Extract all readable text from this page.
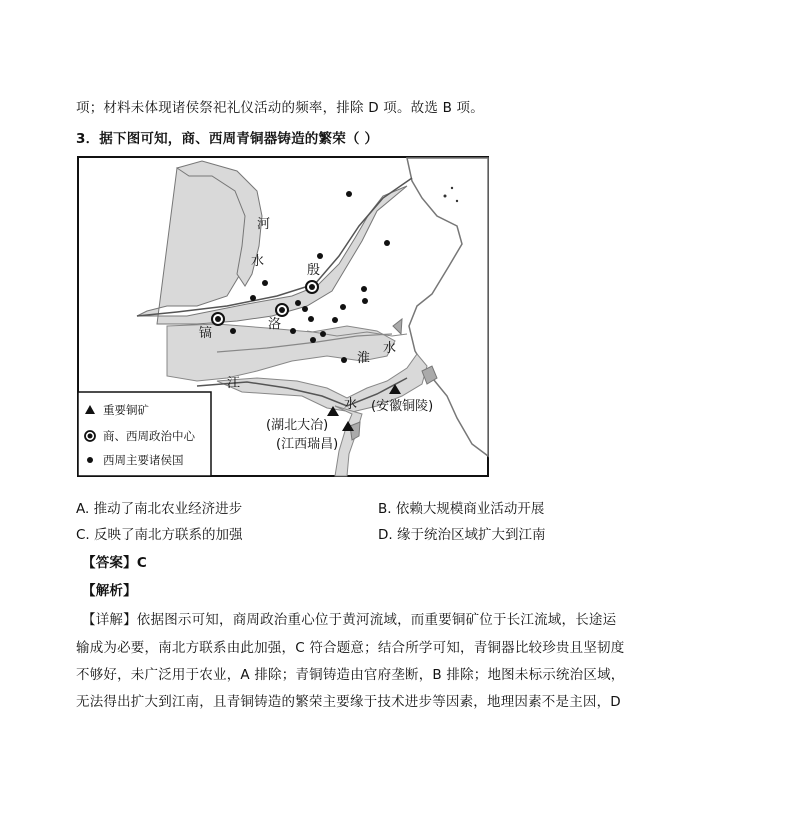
项；材料未体现诸侯祭祀礼仪活动的频率，排除 D 项。故选 B 项。
3．据下图可知，商、西周青铜器铸造的繁荣（ ）
河
水
殷
镐
洛
淮
水
江
水 (安徽铜陵)
(湖北大冶)
(江西瑞昌)
重要铜矿
商、西周政治中心
西周主要诸侯国
A. 推动了南北农业经济进步	B. 依赖大规模商业活动开展
C. 反映了南北方联系的加强	D. 缘于统治区域扩大到江南
【答案】C
【解析】
【详解】依据图示可知，商周政治重心位于黄河流域，而重要铜矿位于长江流域，长途运
输成为必要，南北方联系由此加强，C 符合题意；结合所学可知，青铜器比较珍贵且坚韧度
不够好，未广泛用于农业，A 排除；青铜铸造由官府垄断，B 排除；地图未标示统治区域，
无法得出扩大到江南，且青铜铸造的繁荣主要缘于技术进步等因素，地理因素不是主因，D
